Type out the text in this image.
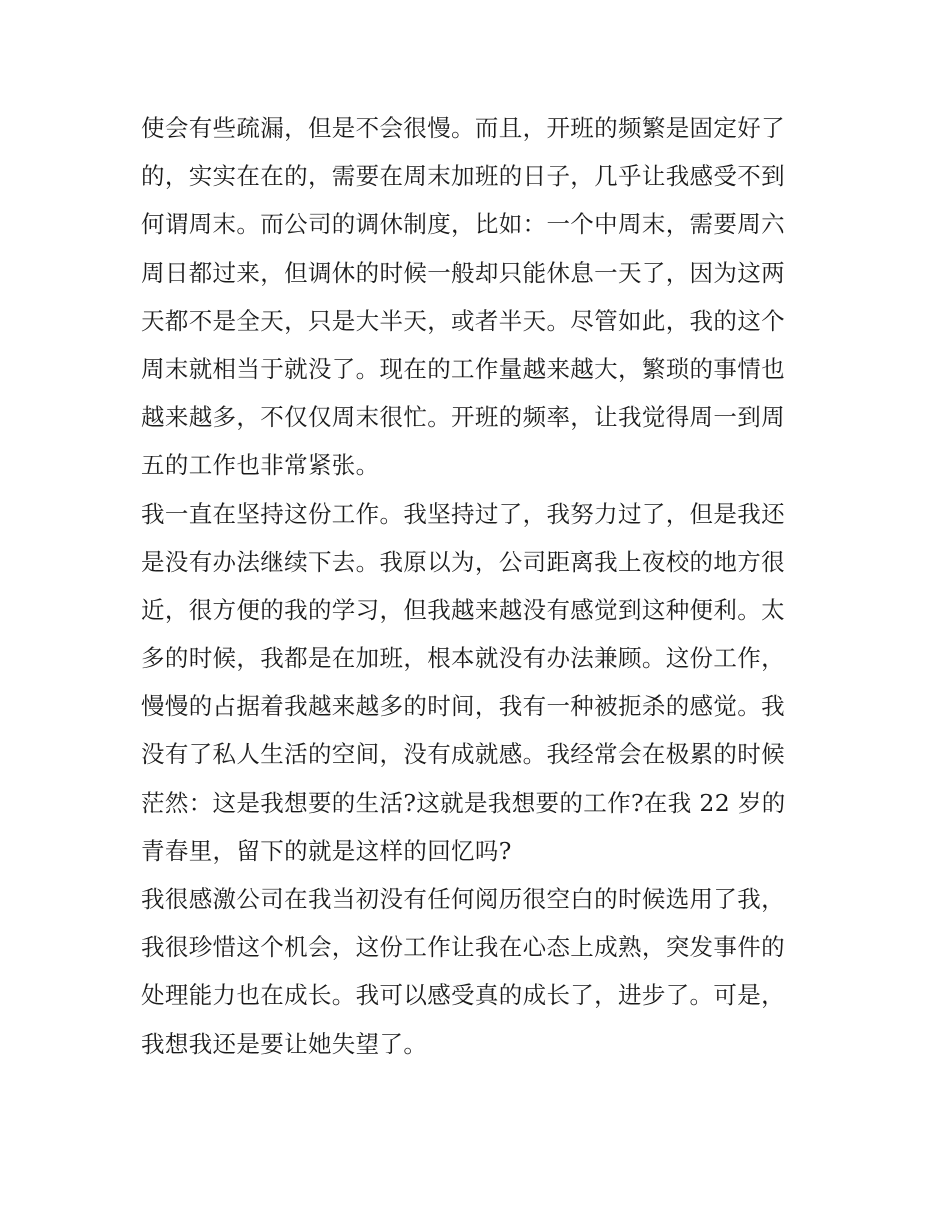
使会有些疏漏，但是不会很慢。而且，开班的频繁是固定好了
的，实实在在的，需要在周末加班的日子，几乎让我感受不到
何谓周末。而公司的调休制度，比如：一个中周末，需要周六
周日都过来，但调休的时候一般却只能休息一天了，因为这两
天都不是全天，只是大半天，或者半天。尽管如此，我的这个
周末就相当于就没了。现在的工作量越来越大，繁琐的事情也
越来越多，不仅仅周末很忙。开班的频率，让我觉得周一到周
五的工作也非常紧张。
我一直在坚持这份工作。我坚持过了，我努力过了，但是我还
是没有办法继续下去。我原以为，公司距离我上夜校的地方很
近，很方便的我的学习，但我越来越没有感觉到这种便利。太
多的时候，我都是在加班，根本就没有办法兼顾。这份工作，
慢慢的占据着我越来越多的时间，我有一种被扼杀的感觉。我
没有了私人生活的空间，没有成就感。我经常会在极累的时候
茫然：这是我想要的生活?这就是我想要的工作?在我 22 岁的
青春里，留下的就是这样的回忆吗?
我很感激公司在我当初没有任何阅历很空白的时候选用了我，
我很珍惜这个机会，这份工作让我在心态上成熟，突发事件的
处理能力也在成长。我可以感受真的成长了，进步了。可是，
我想我还是要让她失望了。
